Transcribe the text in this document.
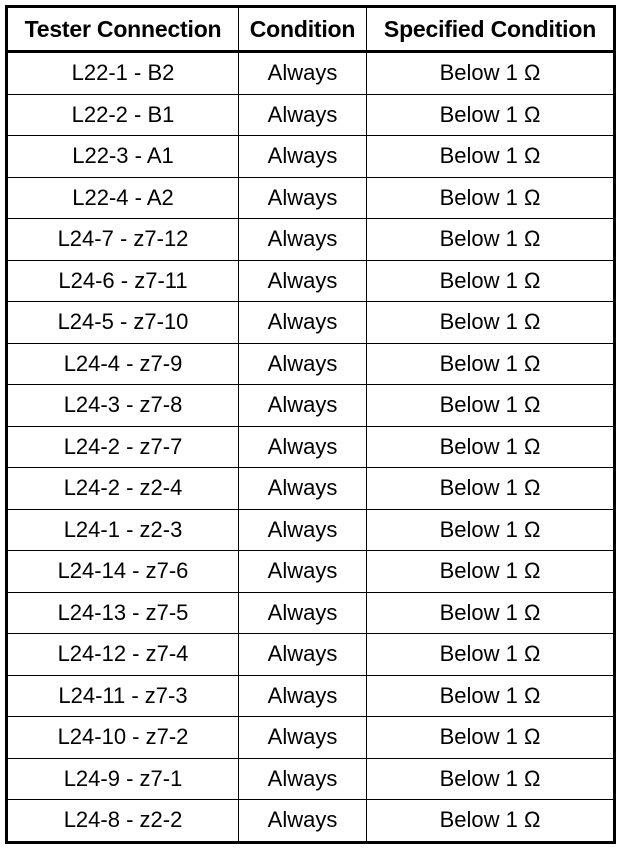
Tester Connection	Condition	Specified Condition
L22-1 - B2	Always	Below 1 Ω
L22-2 - B1	Always	Below 1 Ω
L22-3 - A1	Always	Below 1 Ω
L22-4 - A2	Always	Below 1 Ω
L24-7 - z7-12	Always	Below 1 Ω
L24-6 - z7-11	Always	Below 1 Ω
L24-5 - z7-10	Always	Below 1 Ω
L24-4 - z7-9	Always	Below 1 Ω
L24-3 - z7-8	Always	Below 1 Ω
L24-2 - z7-7	Always	Below 1 Ω
L24-2 - z2-4	Always	Below 1 Ω
L24-1 - z2-3	Always	Below 1 Ω
L24-14 - z7-6	Always	Below 1 Ω
L24-13 - z7-5	Always	Below 1 Ω
L24-12 - z7-4	Always	Below 1 Ω
L24-11 - z7-3	Always	Below 1 Ω
L24-10 - z7-2	Always	Below 1 Ω
L24-9 - z7-1	Always	Below 1 Ω
L24-8 - z2-2	Always	Below 1 Ω
